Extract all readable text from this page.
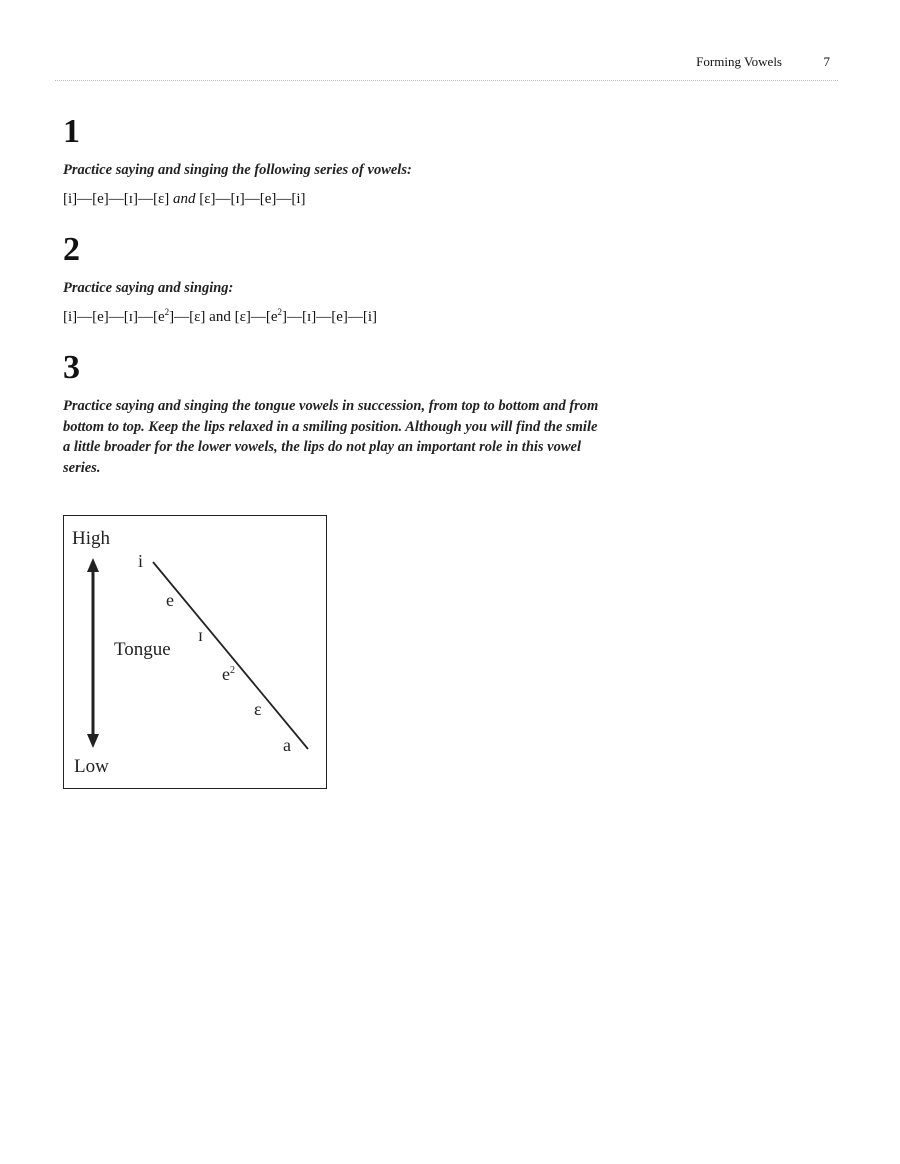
Forming Vowels	7
1

Practice saying and singing the following series of vowels:

[i]—[e]—[ɪ]—[ɛ] and [ɛ]—[ɪ]—[e]—[i]

2

Practice saying and singing:

$[i]—[e]—[ɪ]—[e^2]—[ɛ]$ and $[ɛ]—[e^2]—[ɪ]—[e]—[i]$

3

Practice saying and singing the tongue vowels in succession, from top to bottom and from bottom to top. Keep the lips relaxed in a smiling position. Although you will find the smile a little broader for the lower vowels, the lips do not play an important role in this vowel series.

High
Low
Tongue
i
e
ɪ
$e^2$
ɛ
a
